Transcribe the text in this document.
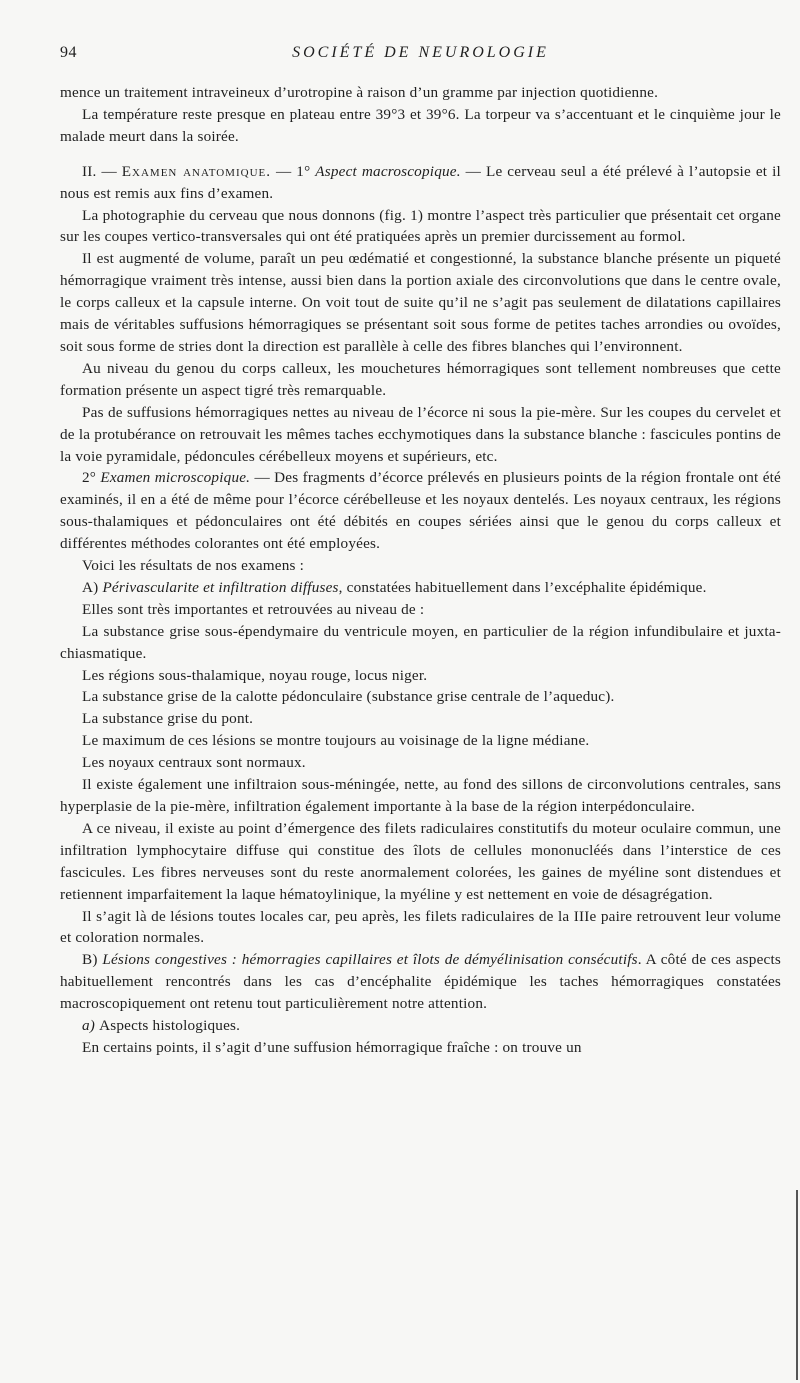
94	SOCIÉTÉ DE NEUROLOGIE

mence un traitement intraveineux d’urotropine à raison d’un gramme par injection quotidienne.

La température reste presque en plateau entre 39°3 et 39°6. La torpeur va s’accentuant et le cinquième jour le malade meurt dans la soirée.

II. — Examen anatomique. — 1° Aspect macroscopique. — Le cerveau seul a été prélevé à l’autopsie et il nous est remis aux fins d’examen.

La photographie du cerveau que nous donnons (fig. 1) montre l’aspect très particulier que présentait cet organe sur les coupes vertico-transversales qui ont été pratiquées après un premier durcissement au formol.

Il est augmenté de volume, paraît un peu œdématié et congestionné, la substance blanche présente un piqueté hémorragique vraiment très intense, aussi bien dans la portion axiale des circonvolutions que dans le centre ovale, le corps calleux et la capsule interne. On voit tout de suite qu’il ne s’agit pas seulement de dilatations capillaires mais de véritables suffusions hémorragiques se présentant soit sous forme de petites taches arrondies ou ovoïdes, soit sous forme de stries dont la direction est parallèle à celle des fibres blanches qui l’environnent.

Au niveau du genou du corps calleux, les mouchetures hémorragiques sont tellement nombreuses que cette formation présente un aspect tigré très remarquable.

Pas de suffusions hémorragiques nettes au niveau de l’écorce ni sous la pie-mère. Sur les coupes du cervelet et de la protubérance on retrouvait les mêmes taches ecchymotiques dans la substance blanche : fascicules pontins de la voie pyramidale, pédoncules cérébelleux moyens et supérieurs, etc.

2° Examen microscopique. — Des fragments d’écorce prélevés en plusieurs points de la région frontale ont été examinés, il en a été de même pour l’écorce cérébelleuse et les noyaux dentelés. Les noyaux centraux, les régions sous-thalamiques et pédonculaires ont été débités en coupes sériées ainsi que le genou du corps calleux et différentes méthodes colorantes ont été employées.

Voici les résultats de nos examens :

A) Périvascularite et infiltration diffuses, constatées habituellement dans l’excéphalite épidémique.

Elles sont très importantes et retrouvées au niveau de :

La substance grise sous-épendymaire du ventricule moyen, en particulier de la région infundibulaire et juxta-chiasmatique.

Les régions sous-thalamique, noyau rouge, locus niger.

La substance grise de la calotte pédonculaire (substance grise centrale de l’aqueduc).

La substance grise du pont.

Le maximum de ces lésions se montre toujours au voisinage de la ligne médiane.

Les noyaux centraux sont normaux.

Il existe également une infiltraion sous-méningée, nette, au fond des sillons de circonvolutions centrales, sans hyperplasie de la pie-mère, infiltration également importante à la base de la région interpédonculaire.

A ce niveau, il existe au point d’émergence des filets radiculaires constitutifs du moteur oculaire commun, une infiltration lymphocytaire diffuse qui constitue des îlots de cellules mononucléés dans l’interstice de ces fascicules. Les fibres nerveuses sont du reste anormalement colorées, les gaines de myéline sont distendues et retiennent imparfaitement la laque hématoylinique, la myéline y est nettement en voie de désagrégation.

Il s’agit là de lésions toutes locales car, peu après, les filets radiculaires de la IIIe paire retrouvent leur volume et coloration normales.

B) Lésions congestives : hémorragies capillaires et îlots de démyélinisation consécutifs. A côté de ces aspects habituellement rencontrés dans les cas d’encéphalite épidémique les taches hémorragiques constatées macroscopiquement ont retenu tout particulièrement notre attention.

a) Aspects histologiques.

En certains points, il s’agit d’une suffusion hémorragique fraîche : on trouve un
